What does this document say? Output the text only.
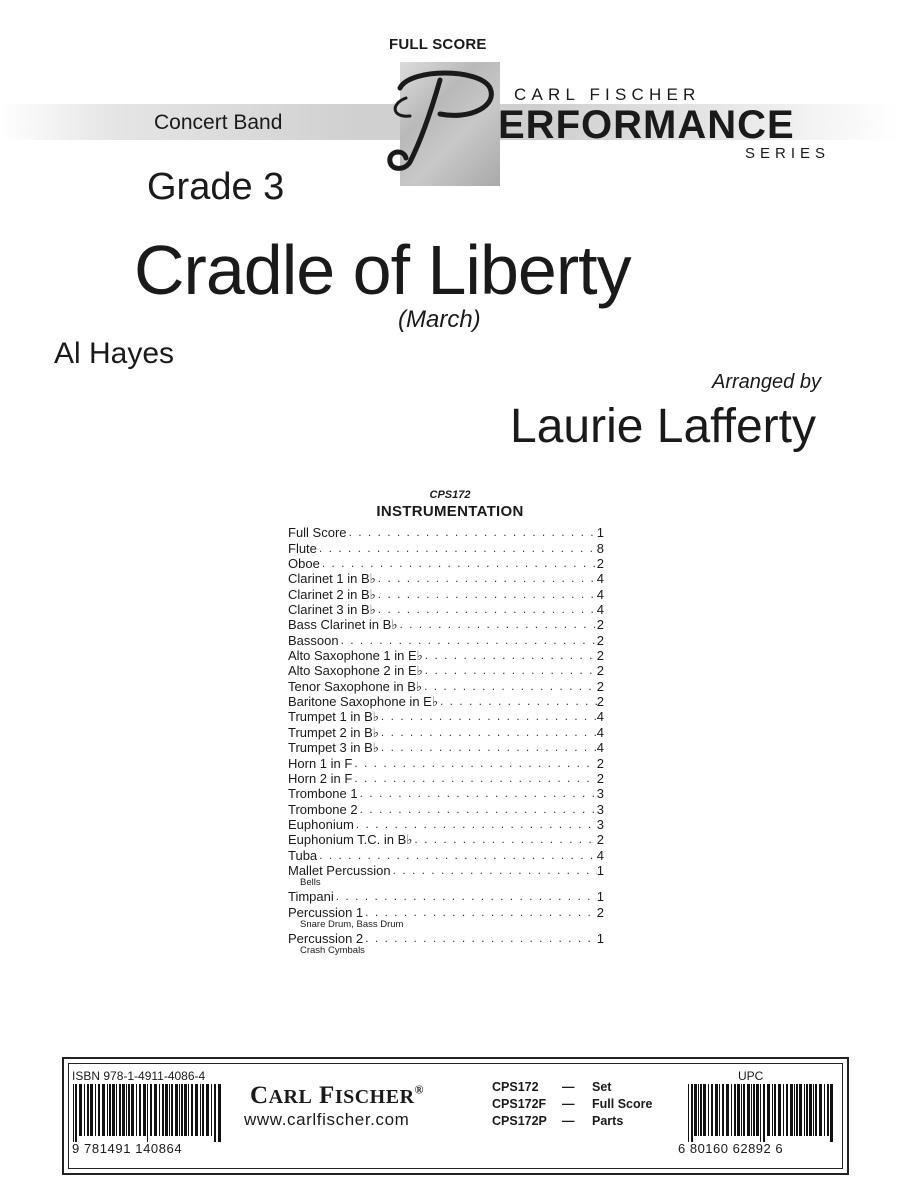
FULL SCORE
Concert Band
CARL FISCHER
ERFORMANCE
SERIES
Grade 3
Cradle of Liberty
(March)
Al Hayes
Arranged by
Laurie Lafferty
CPS172
INSTRUMENTATION
Full Score . . .	1
Flute . . .	8
Oboe . . .	2
Clarinet 1 in B♭ . . .	4
Clarinet 2 in B♭ . . .	4
Clarinet 3 in B♭ . . .	4
Bass Clarinet in B♭ . . .	2
Bassoon . . .	2
Alto Saxophone 1 in E♭ . . .	2
Alto Saxophone 2 in E♭ . . .	2
Tenor Saxophone in B♭ . . .	2
Baritone Saxophone in E♭ . . .	2
Trumpet 1 in B♭ . . .	4
Trumpet 2 in B♭ . . .	4
Trumpet 3 in B♭ . . .	4
Horn 1 in F . . .	2
Horn 2 in F . . .	2
Trombone 1 . . .	3
Trombone 2 . . .	3
Euphonium . . .	3
Euphonium T.C. in B♭ . . .	2
Tuba . . .	4
Mallet Percussion . . .	1
Bells
Timpani . . .	1
Percussion 1 . . .	2
Snare Drum, Bass Drum
Percussion 2 . . .	1
Crash Cymbals
ISBN 978-1-4911-4086-4
9 781491 140864
CARL FISCHER®
www.carlfischer.com
CPS172	—	Set
CPS172F	—	Full Score
CPS172P	—	Parts
UPC
6 80160 62892 6
